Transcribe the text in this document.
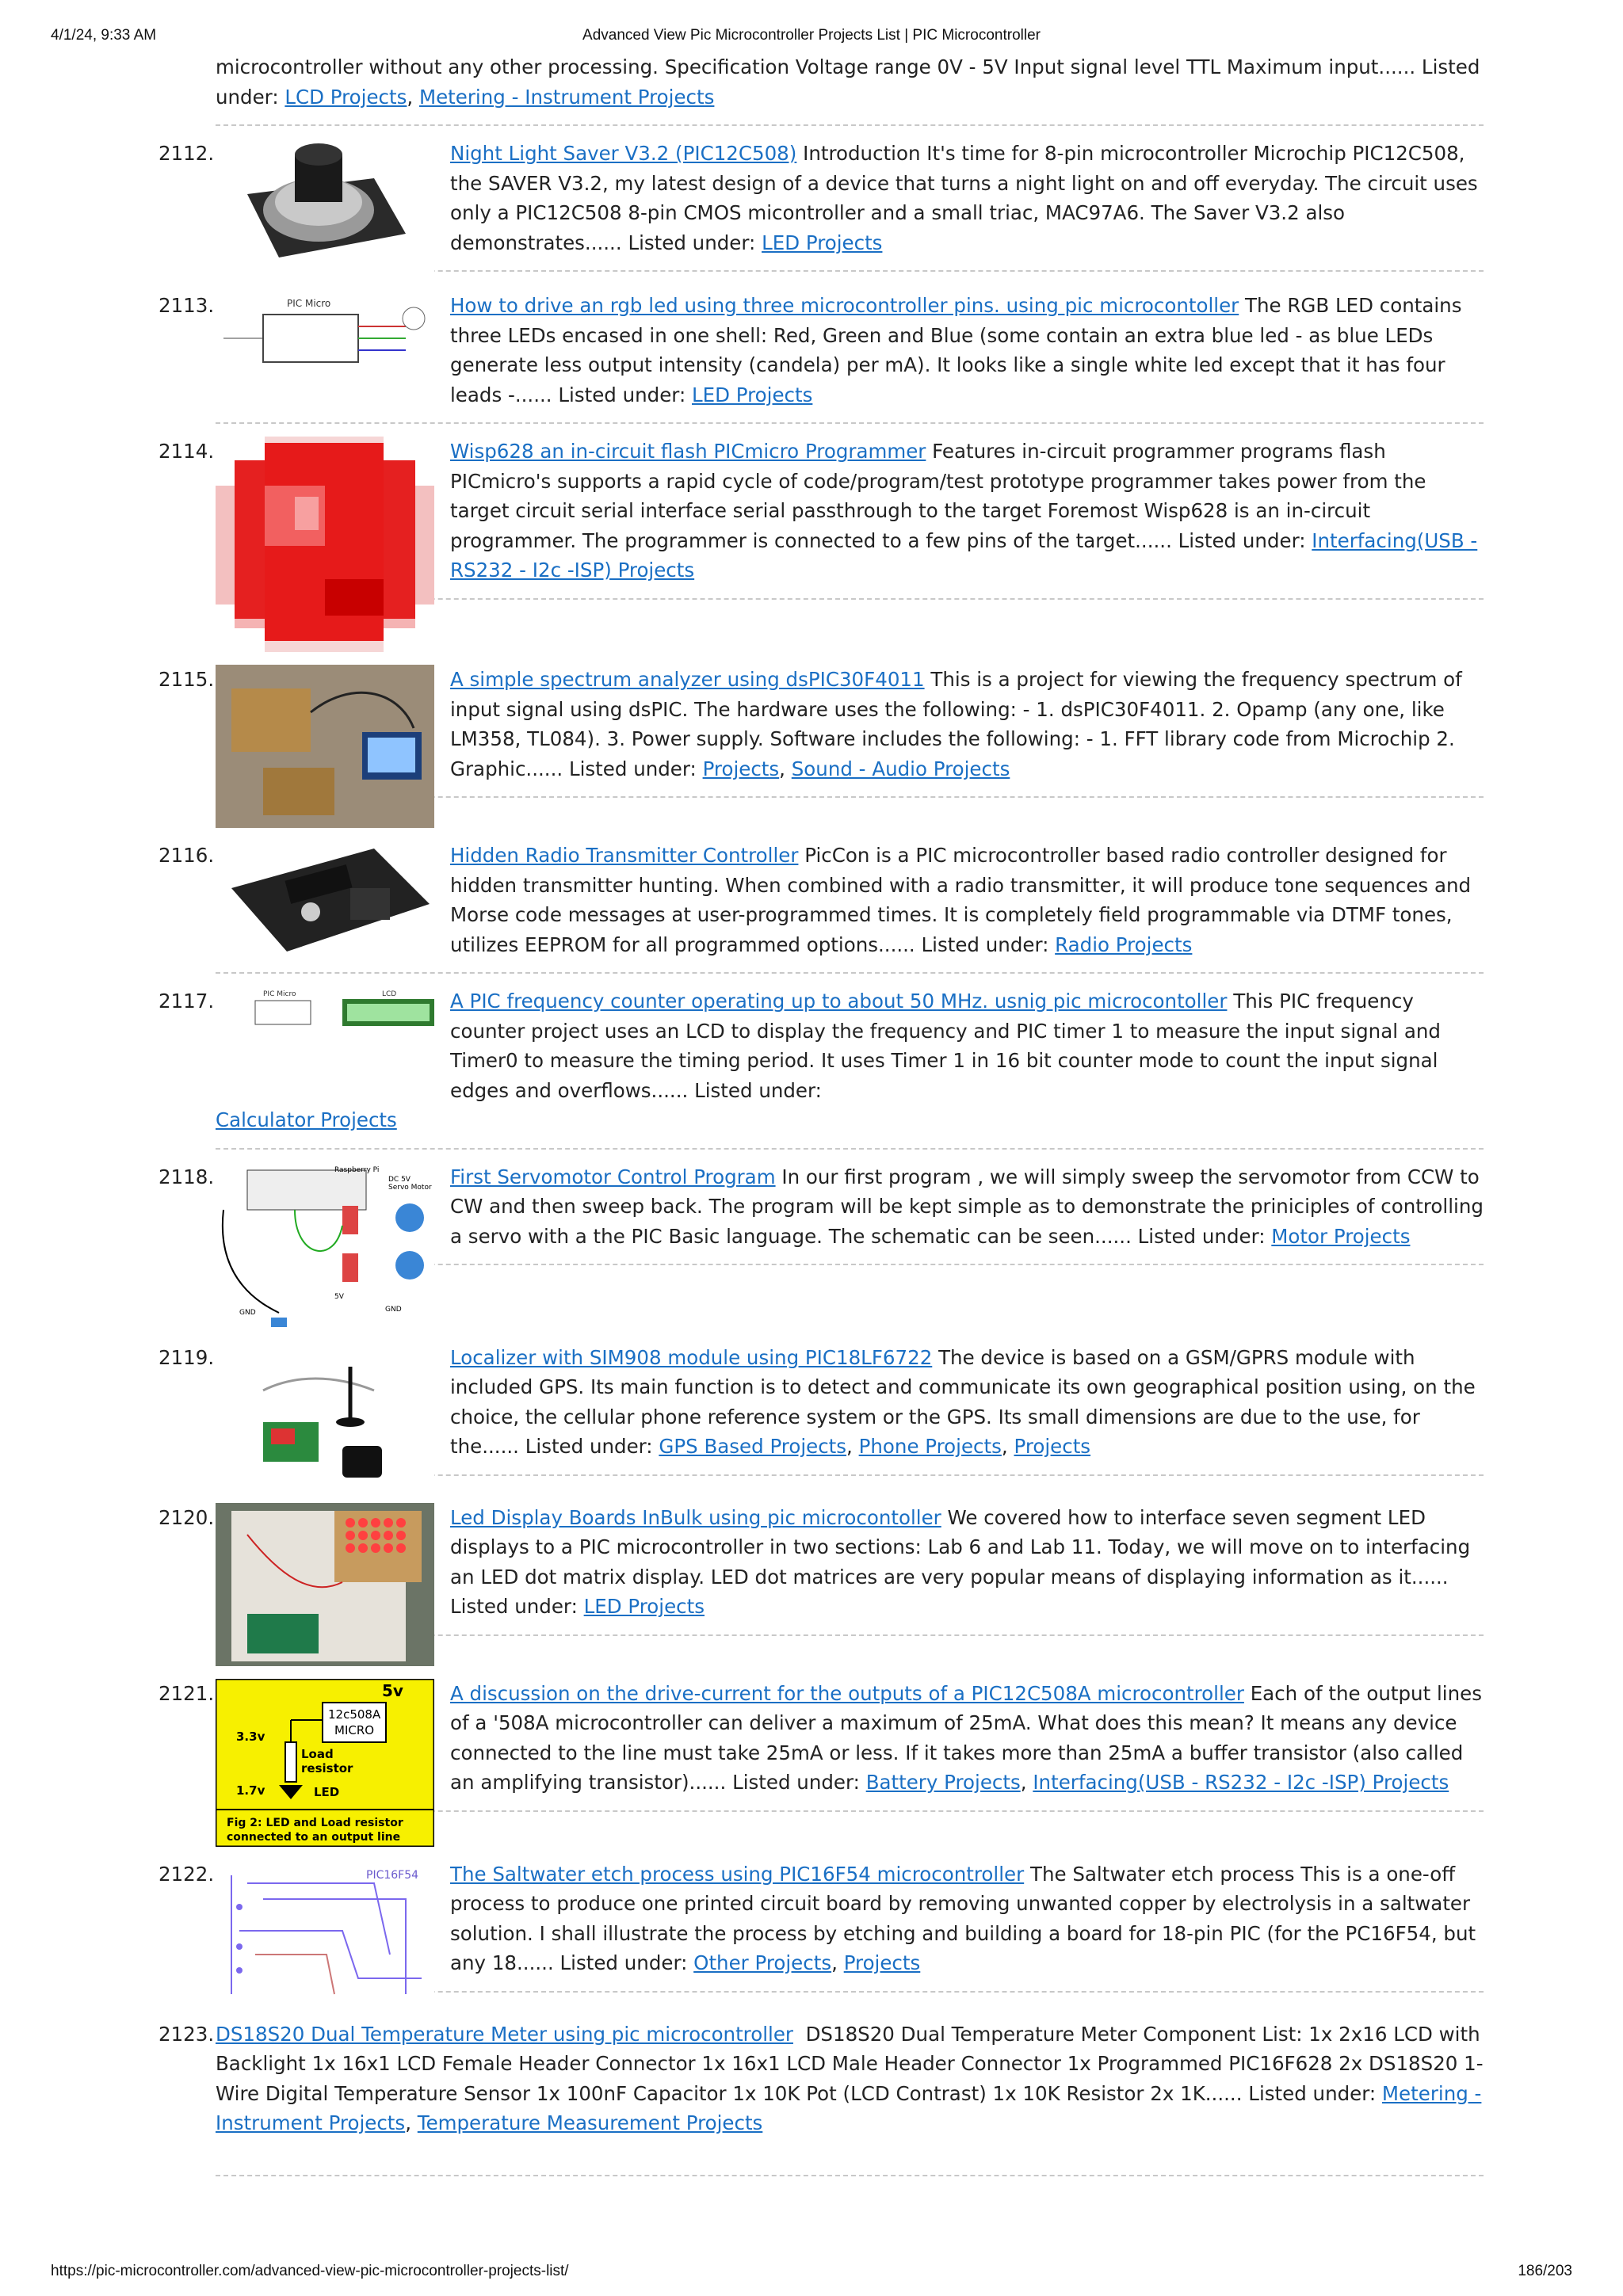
4/1/24, 9:33 AM	Advanced View Pic Microcontroller Projects List | PIC Microcontroller
microcontroller without any other processing. Specification Voltage range 0V - 5V Input signal level TTL Maximum input...... Listed under: LCD Projects, Metering - Instrument Projects
2112.	Night Light Saver V3.2 (PIC12C508) Introduction It's time for 8-pin microcontroller Microchip PIC12C508, the SAVER V3.2, my latest design of a device that turns a night light on and off everyday. The circuit uses only a PIC12C508 8-pin CMOS micontroller and a small triac, MAC97A6. The Saver V3.2 also demonstrates...... Listed under: LED Projects
2113.	PIC Micro	How to drive an rgb led using three microcontroller pins. using pic microcontoller The RGB LED contains three LEDs encased in one shell: Red, Green and Blue (some contain an extra blue led - as blue LEDs generate less output intensity (candela) per mA). It looks like a single white led except that it has four leads -...... Listed under: LED Projects
2114.	Wisp628 an in-circuit flash PICmicro Programmer Features in-circuit programmer programs flash PICmicro's supports a rapid cycle of code/program/test prototype programmer takes power from the target circuit serial interface serial passthrough to the target Foremost Wisp628 is an in-circuit programmer. The programmer is connected to a few pins of the target...... Listed under: Interfacing(USB - RS232 - I2c -ISP) Projects
2115.	A simple spectrum analyzer using dsPIC30F4011 This is a project for viewing the frequency spectrum of input signal using dsPIC. The hardware uses the following: - 1. dsPIC30F4011. 2. Opamp (any one, like LM358, TL084). 3. Power supply. Software includes the following: - 1. FFT library code from Microchip 2. Graphic...... Listed under: Projects, Sound - Audio Projects
2116.	Hidden Radio Transmitter Controller PicCon is a PIC microcontroller based radio controller designed for hidden transmitter hunting. When combined with a radio transmitter, it will produce tone sequences and Morse code messages at user-programmed times. It is completely field programmable via DTMF tones, utilizes EEPROM for all programmed options...... Listed under: Radio Projects
2117.	PIC Micro	LCD	A PIC frequency counter operating up to about 50 MHz. usnig pic microcontoller This PIC frequency counter project uses an LCD to display the frequency and PIC timer 1 to measure the input signal and Timer0 to measure the timing period. It uses Timer 1 in 16 bit counter mode to count the input signal edges and overflows...... Listed under:
Calculator Projects
2118.	Raspberry Pi
DC 5V
Servo Motor
GND
5V
GND
First Servomotor Control Program In our first program , we will simply sweep the servomotor from CCW to CW and then sweep back. The program will be kept simple as to demonstrate the priniciples of controlling a servo with a the PIC Basic language. The schematic can be seen...... Listed under: Motor Projects
2119.	Localizer with SIM908 module using PIC18LF6722 The device is based on a GSM/GPRS module with included GPS. Its main function is to detect and communicate its own geographical position using, on the choice, the cellular phone reference system or the GPS. Its small dimensions are due to the use, for the...... Listed under: GPS Based Projects, Phone Projects, Projects
2120.	Led Display Boards InBulk using pic microcontoller We covered how to interface seven segment LED displays to a PIC microcontroller in two sections: Lab 6 and Lab 11. Today, we will move on to interfacing an LED dot matrix display. LED dot matrices are very popular means of displaying information as it...... Listed under: LED Projects
2121.	5v
12c508A
MICRO
3.3v
Load
resistor
1.7v	LED
Fig 2: LED and Load resistor
connected to an output line
A discussion on the drive-current for the outputs of a PIC12C508A microcontroller Each of the output lines of a '508A microcontroller can deliver a maximum of 25mA. What does this mean? It means any device connected to the line must take 25mA or less. If it takes more than 25mA a buffer transistor (also called an amplifying transistor)...... Listed under: Battery Projects, Interfacing(USB - RS232 - I2c -ISP) Projects
2122.	PIC16F54 The Saltwater etch process using PIC16F54 microcontroller The Saltwater etch process This is a one-off process to produce one printed circuit board by removing unwanted copper by electrolysis in a saltwater solution. I shall illustrate the process by etching and building a board for 18-pin PIC (for the PC16F54, but any 18...... Listed under: Other Projects, Projects
2123. DS18S20 Dual Temperature Meter using pic microcontroller DS18S20 Dual Temperature Meter Component List: 1x 2x16 LCD with Backlight 1x 16x1 LCD Female Header Connector 1x 16x1 LCD Male Header Connector 1x Programmed PIC16F628 2x DS18S20 1-Wire Digital Temperature Sensor 1x 100nF Capacitor 1x 10K Pot (LCD Contrast) 1x 10K Resistor 2x 1K...... Listed under: Metering - Instrument Projects, Temperature Measurement Projects
https://pic-microcontroller.com/advanced-view-pic-microcontroller-projects-list/	186/203
